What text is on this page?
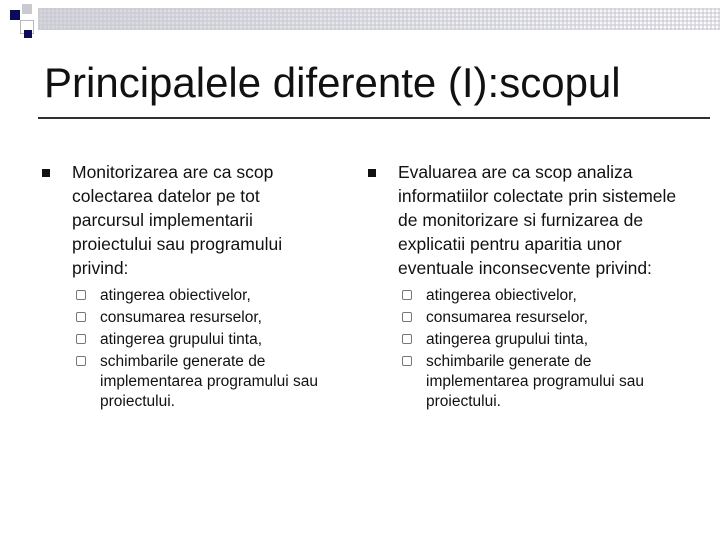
Principalele diferente (I):scopul
Monitorizarea are ca scop colectarea datelor pe tot parcursul implementarii proiectului sau programului privind:
atingerea obiectivelor,
consumarea resurselor,
atingerea grupului tinta,
schimbarile generate de implementarea programului sau proiectului.
Evaluarea are ca scop analiza informatiilor colectate prin sistemele de monitorizare si furnizarea de explicatii pentru aparitia unor eventuale inconsecvente privind:
atingerea obiectivelor,
consumarea resurselor,
atingerea grupului tinta,
schimbarile generate de implementarea programului sau proiectului.
